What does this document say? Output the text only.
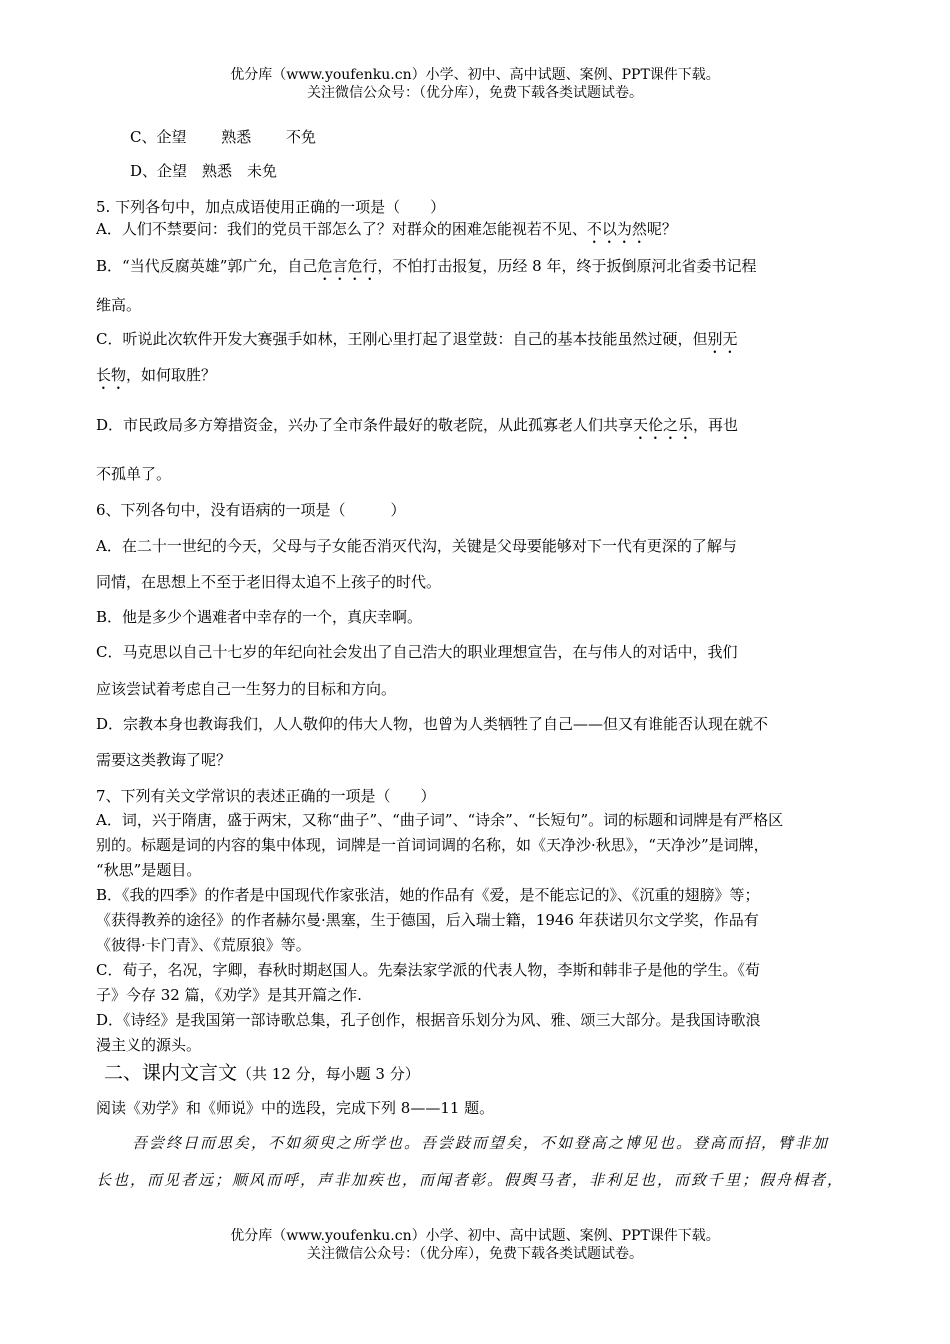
优分库（www.youfenku.cn）小学、初中、高中试题、案例、PPT课件下载。
关注微信公众号：（优分库），免费下载各类试题试卷。
C、企望　　 熟悉　　 不免
D、企望　熟悉　未免
5. 下列各句中，加点成语使用正确的一项是（　　）
A．人们不禁要问：我们的党员干部怎么了？对群众的困难怎能视若不见、不以为然呢？
B．“当代反腐英雄”郭广允，自己危言危行，不怕打击报复，历经 8 年，终于扳倒原河北省委书记程
维高。
C．听说此次软件开发大赛强手如林，王刚心里打起了退堂鼓：自己的基本技能虽然过硬，但别无
长物，如何取胜？
D．市民政局多方筹措资金，兴办了全市条件最好的敬老院，从此孤寡老人们共享天伦之乐，再也
不孤单了。
6、下列各句中，没有语病的一项是（　　　）
A．在二十一世纪的今天，父母与子女能否消灭代沟，关键是父母要能够对下一代有更深的了解与
同情，在思想上不至于老旧得太追不上孩子的时代。
B．他是多少个遇难者中幸存的一个，真庆幸啊。
C．马克思以自己十七岁的年纪向社会发出了自己浩大的职业理想宣告，在与伟人的对话中，我们
应该尝试着考虑自己一生努力的目标和方向。
D．宗教本身也教诲我们，人人敬仰的伟大人物，也曾为人类牺牲了自己——但又有谁能否认现在就不
需要这类教诲了呢？
7、下列有关文学常识的表述正确的一项是（　　）
A．词，兴于隋唐，盛于两宋，又称“曲子”、“曲子词”、“诗余”、“长短句”。词的标题和词牌是有严格区
别的。标题是词的内容的集中体现，词牌是一首词词调的名称，如《天净沙·秋思》，“天净沙”是词牌，
“秋思”是题目。
B．《我的四季》的作者是中国现代作家张洁，她的作品有《爱，是不能忘记的》、《沉重的翅膀》等；
《获得教养的途径》的作者赫尔曼·黑塞，生于德国，后入瑞士籍，1946 年获诺贝尔文学奖，作品有
《彼得·卡门青》、《荒原狼》等。
C．荀子，名况，字卿，春秋时期赵国人。先秦法家学派的代表人物，李斯和韩非子是他的学生。《荀
子》今存 32 篇，《劝学》是其开篇之作.
D．《诗经》是我国第一部诗歌总集，孔子创作，根据音乐划分为风、雅、颂三大部分。是我国诗歌浪
漫主义的源头。
二、课内文言文（共 12 分，每小题 3 分）
阅读《劝学》和《师说》中的选段，完成下列 8——11 题。
吾尝终日而思矣，不如须臾之所学也。吾尝跂而望矣，不如登高之博见也。登高而招，臂非加
长也，而见者远；顺风而呼，声非加疾也，而闻者彰。假舆马者，非利足也，而致千里；假舟楫者，
优分库（www.youfenku.cn）小学、初中、高中试题、案例、PPT课件下载。
关注微信公众号：（优分库），免费下载各类试题试卷。
